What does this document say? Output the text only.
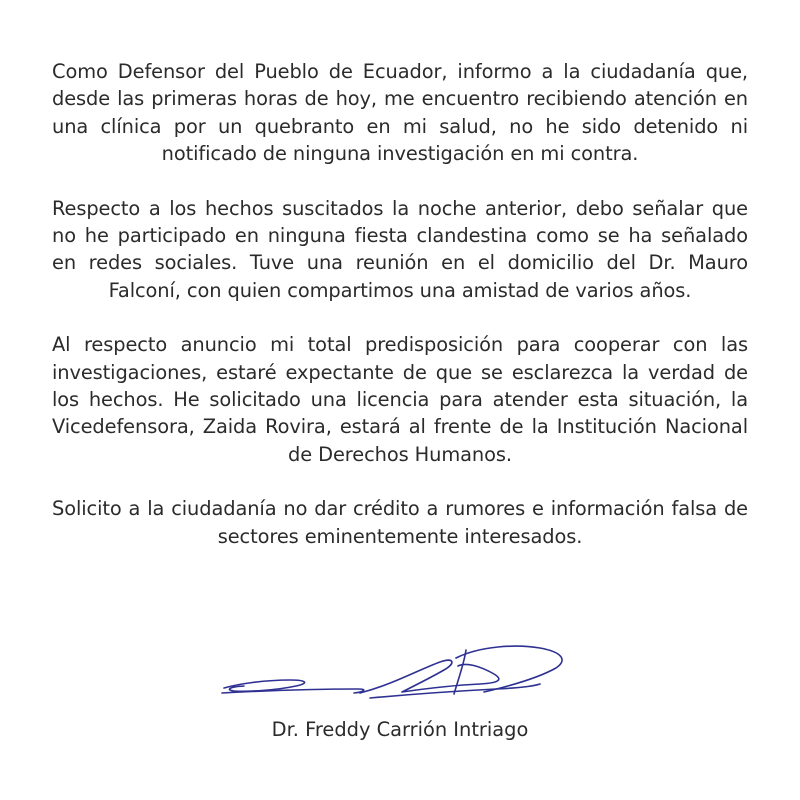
Como Defensor del Pueblo de Ecuador, informo a la ciudadanía que, desde las primeras horas de hoy, me encuentro recibiendo atención en una clínica por un quebranto en mi salud, no he sido detenido ni notificado de ninguna investigación en mi contra.

Respecto a los hechos suscitados la noche anterior, debo señalar que no he participado en ninguna fiesta clandestina como se ha señalado en redes sociales. Tuve una reunión en el domicilio del Dr. Mauro Falconí, con quien compartimos una amistad de varios años.

Al respecto anuncio mi total predisposición para cooperar con las investigaciones, estaré expectante de que se esclarezca la verdad de los hechos. He solicitado una licencia para atender esta situación, la Vicedefensora, Zaida Rovira, estará al frente de la Institución Nacional de Derechos Humanos.

Solicito a la ciudadanía no dar crédito a rumores e información falsa de sectores eminentemente interesados.

Dr. Freddy Carrión Intriago
